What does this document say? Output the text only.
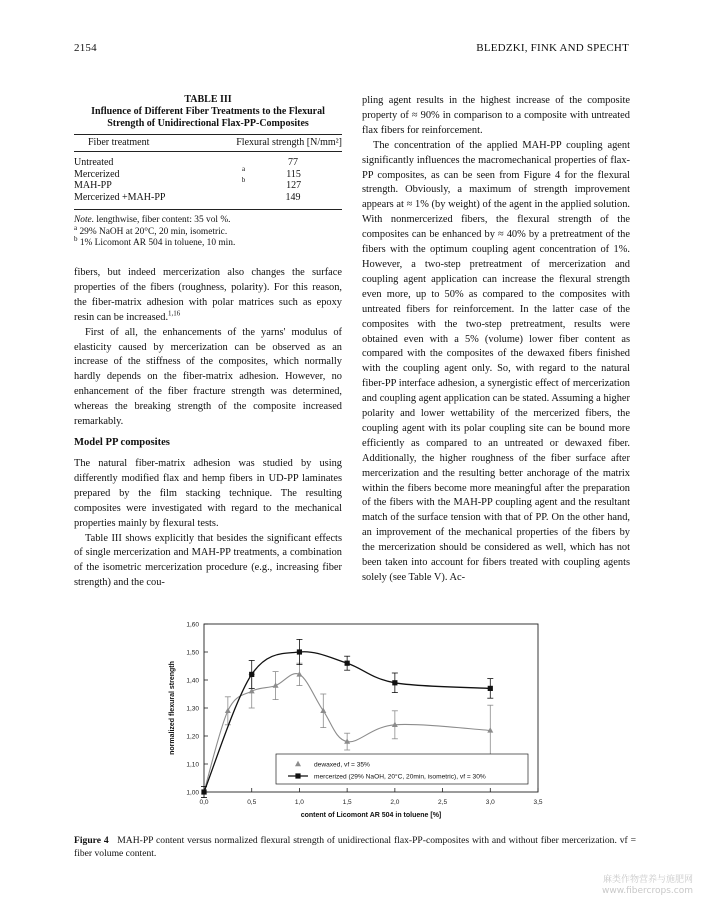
2154	BLEDZKI, FINK AND SPECHT
TABLE III
Influence of Different Fiber Treatments to the Flexural
Strength of Unidirectional Flax-PP-Composites
Fiber treatment	Flexural strength [N/mm²]
Untreated	77
Mercerized	a	115
MAH-PP	b	127
Mercerized +MAH-PP	149
Note. lengthwise, fiber content: 35 vol %.
$^a$ 29% NaOH at 20°C, 20 min, isometric.
$^b$ 1% Licomont AR 504 in toluene, 10 min.

fibers, but indeed mercerization also changes the surface properties of the fibers (roughness, polarity). For this reason, the fiber-matrix adhesion with polar matrices such as epoxy resin can be increased.$^{1,16}$

First of all, the enhancements of the yarns' modulus of elasticity caused by mercerization can be observed as an increase of the stiffness of the composites, which normally hardly depends on the fiber-matrix adhesion. However, no enhancement of the fiber fracture strength was determined, whereas the breaking strength of the composite increased remarkably.

Model PP composites

The natural fiber-matrix adhesion was studied by using differently modified flax and hemp fibers in UD-PP laminates prepared by the film stacking technique. The resulting composites were investigated with regard to the mechanical properties mainly by flexural tests.

Table III shows explicitly that besides the significant effects of single mercerization and MAH-PP treatments, a combination of the isometric mercerization procedure (e.g., increasing fiber strength) and the cou-

pling agent results in the highest increase of the composite property of ≈ 90% in comparison to a composite with untreated flax fibers for reinforcement.

The concentration of the applied MAH-PP coupling agent significantly influences the macromechanical properties of flax-PP composites, as can be seen from Figure 4 for the flexural strength. Obviously, a maximum of strength improvement appears at ≈ 1% (by weight) of the agent in the applied solution. With nonmercerized fibers, the flexural strength of the composites can be enhanced by ≈ 40% by a pretreatment of the fibers with the optimum coupling agent concentration of 1%. However, a two-step pretreatment of mercerization and coupling agent application can increase the flexural strength even more, up to 50% as compared to the composites with untreated fibers for reinforcement. In the latter case of the composites with the two-step pretreatment, results were obtained even with a 5% (volume) lower fiber content as compared with the composites of the dewaxed fibers finished with the coupling agent only. So, with regard to the natural fiber-PP interface adhesion, a synergistic effect of mercerization and coupling agent application can be stated. Assuming a higher polarity and lower wettability of the mercerized fibers, the coupling agent with its polar coupling site can be bound more efficiently as compared to an untreated or dewaxed fiber. Additionally, the higher roughness of the fiber surface after mercerization and the resulting better anchorage of the matrix within the fibers become more meaningful after the preparation of the fibers with the MAH-PP coupling agent and the resultant match of the surface tension with that of PP. On the other hand, an improvement of the mechanical properties of the fibers by the mercerization should be considered as well, which has not been taken into account for fibers treated with coupling agents solely (see Table V). Ac-

1,00
1,10
1,20
1,30
1,40
1,50
1,60
0,0	0,5	1,0	1,5	2,0	2,5	3,0	3,5
content of Licomont AR 504 in toluene [%]
normalized flexural strength
dewaxed, vf = 35%
mercerized (29% NaOH, 20°C, 20min, isometric), vf = 30%
Figure 4 MAH-PP content versus normalized flexural strength of unidirectional flax-PP-composites with and without fiber mercerization. vf = fiber volume content.
麻类作物营养与施肥网
www.fibercrops.com
